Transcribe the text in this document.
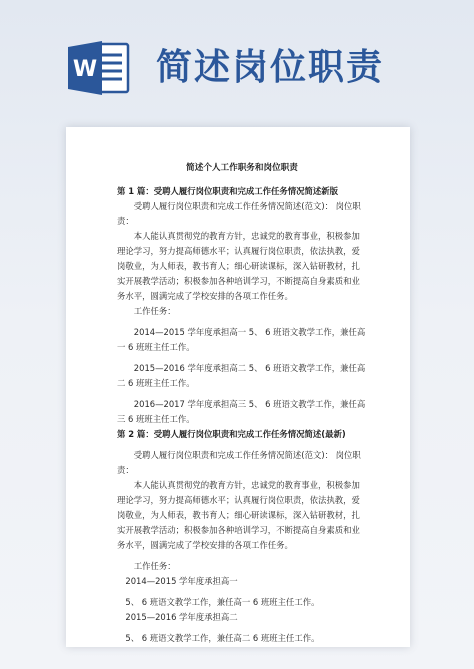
W 简述岗位职责

简述个人工作职务和岗位职责

第 1 篇：受聘人履行岗位职责和完成工作任务情况简述新版

受聘人履行岗位职责和完成工作任务情况简述(范文)： 岗位职责：

本人能认真贯彻党的教育方针，忠诚党的教育事业，积极参加理论学习，努力提高师德水平；认真履行岗位职责，依法执教，爱岗敬业，为人师表，教书育人；细心研读课标，深入钻研教材，扎实开展教学活动；积极参加各种培训学习，不断提高自身素质和业务水平，圆满完成了学校安排的各项工作任务。

工作任务：

2014—2015 学年度承担高一 5、 6 班语文教学工作，兼任高一 6 班班主任工作。

2015—2016 学年度承担高二 5、 6 班语文教学工作，兼任高二 6 班班主任工作。

2016—2017 学年度承担高三 5、 6 班语文教学工作，兼任高三 6 班班主任工作。

第 2 篇：受聘人履行岗位职责和完成工作任务情况简述(最新)

受聘人履行岗位职责和完成工作任务情况简述(范文)： 岗位职责：

本人能认真贯彻党的教育方针，忠诚党的教育事业，积极参加理论学习，努力提高师德水平；认真履行岗位职责，依法执教，爱岗敬业，为人师表，教书育人；细心研读课标，深入钻研教材，扎实开展教学活动；积极参加各种培训学习，不断提高自身素质和业务水平，圆满完成了学校安排的各项工作任务。

工作任务：

2014—2015 学年度承担高一

5、 6 班语文教学工作，兼任高一 6 班班主任工作。

2015—2016 学年度承担高二

5、 6 班语文教学工作，兼任高二 6 班班主任工作。
